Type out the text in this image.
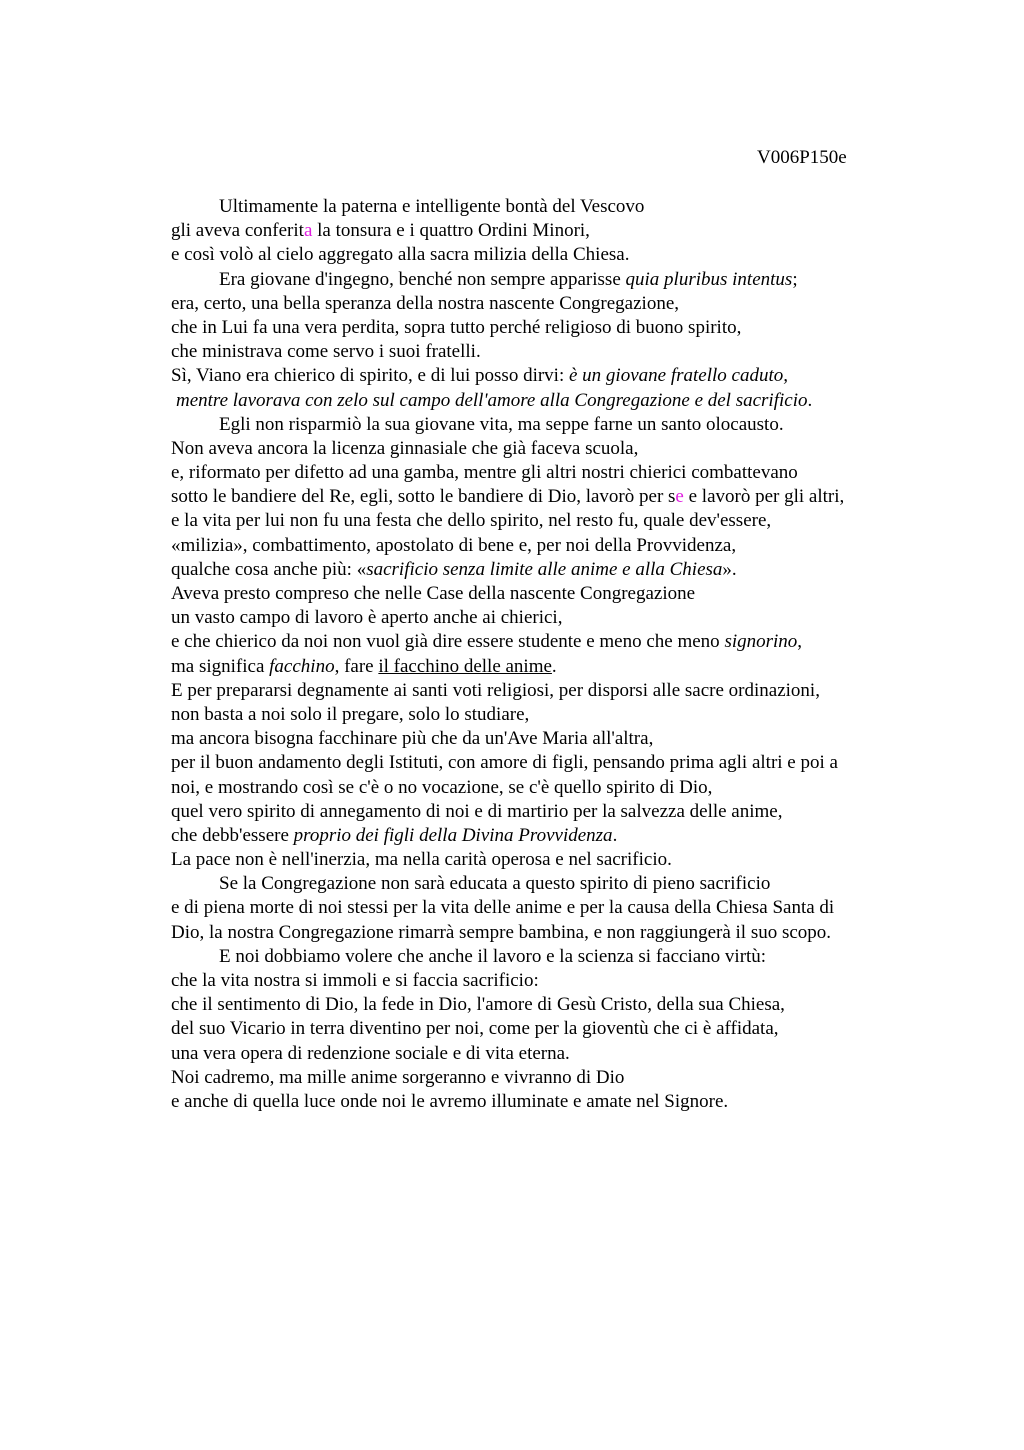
V006P150e
Ultimamente la paterna e intelligente bontà del Vescovo
gli aveva conferita la tonsura e i quattro Ordini Minori,
e così volò al cielo aggregato alla sacra milizia della Chiesa.
Era giovane d'ingegno, benché non sempre apparisse quia pluribus intentus;
era, certo, una bella speranza della nostra nascente Congregazione,
che in Lui fa una vera perdita, sopra tutto perché religioso di buono spirito,
che ministrava come servo i suoi fratelli.
Sì, Viano era chierico di spirito, e di lui posso dirvi: è un giovane fratello caduto,
mentre lavorava con zelo sul campo dell'amore alla Congregazione e del sacrificio.
Egli non risparmiò la sua giovane vita, ma seppe farne un santo olocausto.
Non aveva ancora la licenza ginnasiale che già faceva scuola,
e, riformato per difetto ad una gamba, mentre gli altri nostri chierici combattevano
sotto le bandiere del Re, egli, sotto le bandiere di Dio, lavorò per se e lavorò per gli altri,
e la vita per lui non fu una festa che dello spirito, nel resto fu, quale dev'essere,
«milizia», combattimento, apostolato di bene e, per noi della Provvidenza,
qualche cosa anche più: «sacrificio senza limite alle anime e alla Chiesa».
Aveva presto compreso che nelle Case della nascente Congregazione
un vasto campo di lavoro è aperto anche ai chierici,
e che chierico da noi non vuol già dire essere studente e meno che meno signorino,
ma significa facchino, fare il facchino delle anime.
E per prepararsi degnamente ai santi voti religiosi, per disporsi alle sacre ordinazioni,
non basta a noi solo il pregare, solo lo studiare,
ma ancora bisogna facchinare più che da un'Ave Maria all'altra,
per il buon andamento degli Istituti, con amore di figli, pensando prima agli altri e poi a
noi, e mostrando così se c'è o no vocazione, se c'è quello spirito di Dio,
quel vero spirito di annegamento di noi e di martirio per la salvezza delle anime,
che debb'essere proprio dei figli della Divina Provvidenza.
La pace non è nell'inerzia, ma nella carità operosa e nel sacrificio.
Se la Congregazione non sarà educata a questo spirito di pieno sacrificio
e di piena morte di noi stessi per la vita delle anime e per la causa della Chiesa Santa di
Dio, la nostra Congregazione rimarrà sempre bambina, e non raggiungerà il suo scopo.
E noi dobbiamo volere che anche il lavoro e la scienza si facciano virtù:
che la vita nostra si immoli e si faccia sacrificio:
che il sentimento di Dio, la fede in Dio, l'amore di Gesù Cristo, della sua Chiesa,
del suo Vicario in terra diventino per noi, come per la gioventù che ci è affidata,
una vera opera di redenzione sociale e di vita eterna.
Noi cadremo, ma mille anime sorgeranno e vivranno di Dio
e anche di quella luce onde noi le avremo illuminate e amate nel Signore.
